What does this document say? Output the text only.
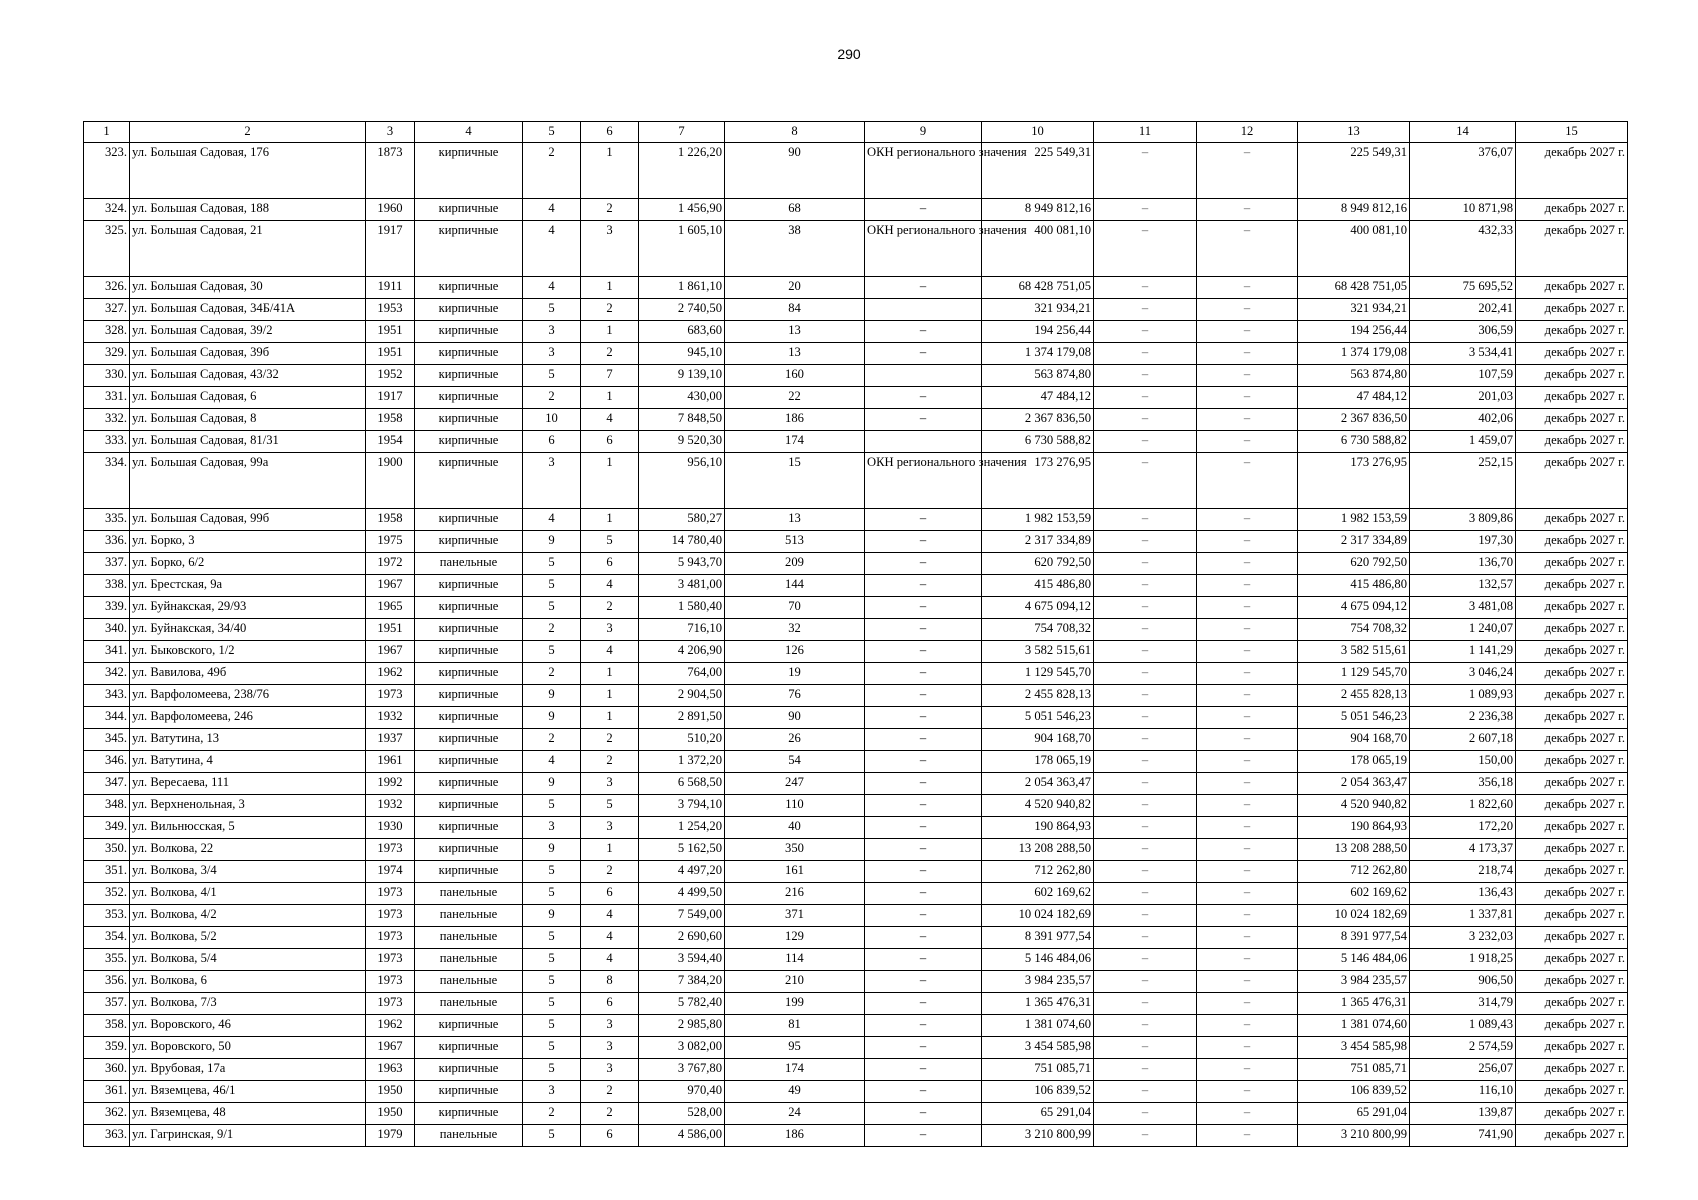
290
1	2	3	4	5	6	7	8	9	10	11	12	13	14	15
323.	ул. Большая Садовая, 176	1873	кирпичные	2	1	1 226,20	90	ОКН регионального значения	225 549,31	–	–	225 549,31	376,07	декабрь 2027 г.
324.	ул. Большая Садовая, 188	1960	кирпичные	4	2	1 456,90	68	–	8 949 812,16	–	–	8 949 812,16	10 871,98	декабрь 2027 г.
325.	ул. Большая Садовая, 21	1917	кирпичные	4	3	1 605,10	38	ОКН регионального значения	400 081,10	–	–	400 081,10	432,33	декабрь 2027 г.
326.	ул. Большая Садовая, 30	1911	кирпичные	4	1	1 861,10	20	–	68 428 751,05	–	–	68 428 751,05	75 695,52	декабрь 2027 г.
327.	ул. Большая Садовая, 34Б/41А	1953	кирпичные	5	2	2 740,50	84		321 934,21	–	–	321 934,21	202,41	декабрь 2027 г.
328.	ул. Большая Садовая, 39/2	1951	кирпичные	3	1	683,60	13	–	194 256,44	–	–	194 256,44	306,59	декабрь 2027 г.
329.	ул. Большая Садовая, 39б	1951	кирпичные	3	2	945,10	13	–	1 374 179,08	–	–	1 374 179,08	3 534,41	декабрь 2027 г.
330.	ул. Большая Садовая, 43/32	1952	кирпичные	5	7	9 139,10	160		563 874,80	–	–	563 874,80	107,59	декабрь 2027 г.
331.	ул. Большая Садовая, 6	1917	кирпичные	2	1	430,00	22	–	47 484,12	–	–	47 484,12	201,03	декабрь 2027 г.
332.	ул. Большая Садовая, 8	1958	кирпичные	10	4	7 848,50	186	–	2 367 836,50	–	–	2 367 836,50	402,06	декабрь 2027 г.
333.	ул. Большая Садовая, 81/31	1954	кирпичные	6	6	9 520,30	174		6 730 588,82	–	–	6 730 588,82	1 459,07	декабрь 2027 г.
334.	ул. Большая Садовая, 99а	1900	кирпичные	3	1	956,10	15	ОКН регионального значения	173 276,95	–	–	173 276,95	252,15	декабрь 2027 г.
335.	ул. Большая Садовая, 99б	1958	кирпичные	4	1	580,27	13	–	1 982 153,59	–	–	1 982 153,59	3 809,86	декабрь 2027 г.
336.	ул. Борко, 3	1975	кирпичные	9	5	14 780,40	513	–	2 317 334,89	–	–	2 317 334,89	197,30	декабрь 2027 г.
337.	ул. Борко, 6/2	1972	панельные	5	6	5 943,70	209	–	620 792,50	–	–	620 792,50	136,70	декабрь 2027 г.
338.	ул. Брестская, 9а	1967	кирпичные	5	4	3 481,00	144	–	415 486,80	–	–	415 486,80	132,57	декабрь 2027 г.
339.	ул. Буйнакская, 29/93	1965	кирпичные	5	2	1 580,40	70	–	4 675 094,12	–	–	4 675 094,12	3 481,08	декабрь 2027 г.
340.	ул. Буйнакская, 34/40	1951	кирпичные	2	3	716,10	32	–	754 708,32	–	–	754 708,32	1 240,07	декабрь 2027 г.
341.	ул. Быковского, 1/2	1967	кирпичные	5	4	4 206,90	126	–	3 582 515,61	–	–	3 582 515,61	1 141,29	декабрь 2027 г.
342.	ул. Вавилова, 49б	1962	кирпичные	2	1	764,00	19	–	1 129 545,70	–	–	1 129 545,70	3 046,24	декабрь 2027 г.
343.	ул. Варфоломеева, 238/76	1973	кирпичные	9	1	2 904,50	76	–	2 455 828,13	–	–	2 455 828,13	1 089,93	декабрь 2027 г.
344.	ул. Варфоломеева, 246	1932	кирпичные	9	1	2 891,50	90	–	5 051 546,23	–	–	5 051 546,23	2 236,38	декабрь 2027 г.
345.	ул. Ватутина, 13	1937	кирпичные	2	2	510,20	26	–	904 168,70	–	–	904 168,70	2 607,18	декабрь 2027 г.
346.	ул. Ватутина, 4	1961	кирпичные	4	2	1 372,20	54	–	178 065,19	–	–	178 065,19	150,00	декабрь 2027 г.
347.	ул. Вересаева, 111	1992	кирпичные	9	3	6 568,50	247	–	2 054 363,47	–	–	2 054 363,47	356,18	декабрь 2027 г.
348.	ул. Верхненольная, 3	1932	кирпичные	5	5	3 794,10	110	–	4 520 940,82	–	–	4 520 940,82	1 822,60	декабрь 2027 г.
349.	ул. Вильнюсская, 5	1930	кирпичные	3	3	1 254,20	40	–	190 864,93	–	–	190 864,93	172,20	декабрь 2027 г.
350.	ул. Волкова, 22	1973	кирпичные	9	1	5 162,50	350	–	13 208 288,50	–	–	13 208 288,50	4 173,37	декабрь 2027 г.
351.	ул. Волкова, 3/4	1974	кирпичные	5	2	4 497,20	161	–	712 262,80	–	–	712 262,80	218,74	декабрь 2027 г.
352.	ул. Волкова, 4/1	1973	панельные	5	6	4 499,50	216	–	602 169,62	–	–	602 169,62	136,43	декабрь 2027 г.
353.	ул. Волкова, 4/2	1973	панельные	9	4	7 549,00	371	–	10 024 182,69	–	–	10 024 182,69	1 337,81	декабрь 2027 г.
354.	ул. Волкова, 5/2	1973	панельные	5	4	2 690,60	129	–	8 391 977,54	–	–	8 391 977,54	3 232,03	декабрь 2027 г.
355.	ул. Волкова, 5/4	1973	панельные	5	4	3 594,40	114	–	5 146 484,06	–	–	5 146 484,06	1 918,25	декабрь 2027 г.
356.	ул. Волкова, 6	1973	панельные	5	8	7 384,20	210	–	3 984 235,57	–	–	3 984 235,57	906,50	декабрь 2027 г.
357.	ул. Волкова, 7/3	1973	панельные	5	6	5 782,40	199	–	1 365 476,31	–	–	1 365 476,31	314,79	декабрь 2027 г.
358.	ул. Воровского, 46	1962	кирпичные	5	3	2 985,80	81	–	1 381 074,60	–	–	1 381 074,60	1 089,43	декабрь 2027 г.
359.	ул. Воровского, 50	1967	кирпичные	5	3	3 082,00	95	–	3 454 585,98	–	–	3 454 585,98	2 574,59	декабрь 2027 г.
360.	ул. Врубовая, 17а	1963	кирпичные	5	3	3 767,80	174	–	751 085,71	–	–	751 085,71	256,07	декабрь 2027 г.
361.	ул. Вяземцева, 46/1	1950	кирпичные	3	2	970,40	49	–	106 839,52	–	–	106 839,52	116,10	декабрь 2027 г.
362.	ул. Вяземцева, 48	1950	кирпичные	2	2	528,00	24	–	65 291,04	–	–	65 291,04	139,87	декабрь 2027 г.
363.	ул. Гагринская, 9/1	1979	панельные	5	6	4 586,00	186	–	3 210 800,99	–	–	3 210 800,99	741,90	декабрь 2027 г.
